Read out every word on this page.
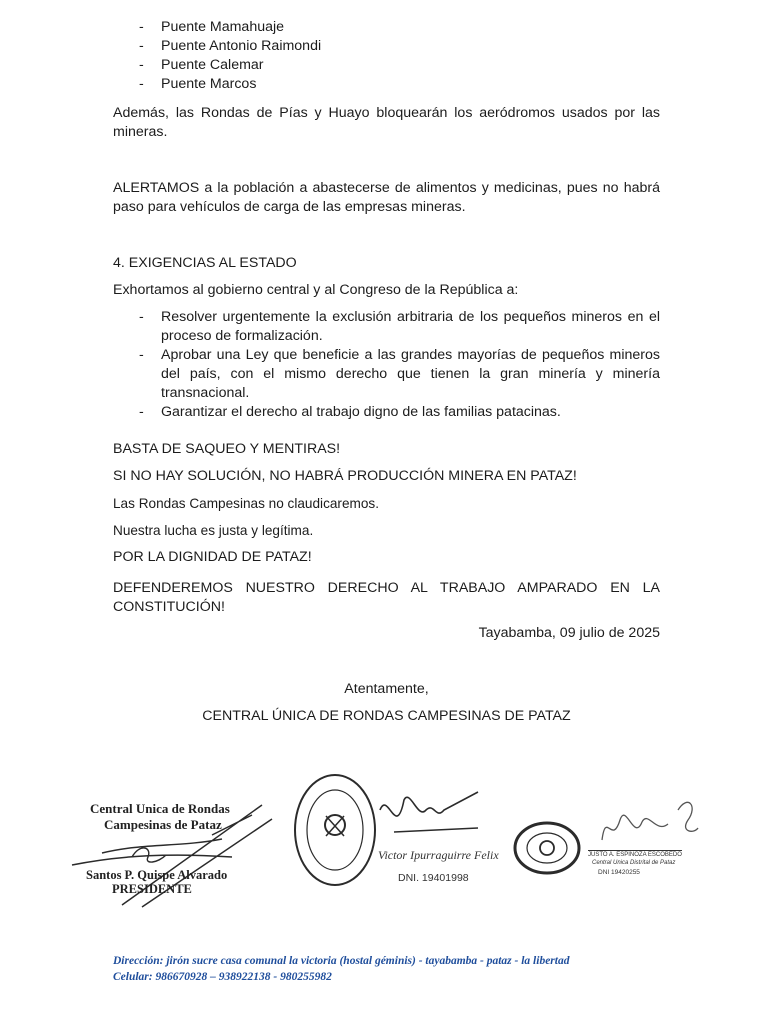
- Puente Mamahuaje
- Puente Antonio Raimondi
- Puente Calemar
- Puente Marcos

Además, las Rondas de Pías y Huayo bloquearán los aeródromos usados por las mineras.

ALERTAMOS a la población a abastecerse de alimentos y medicinas, pues no habrá paso para vehículos de carga de las empresas mineras.

4. EXIGENCIAS AL ESTADO

Exhortamos al gobierno central y al Congreso de la República a:

- Resolver urgentemente la exclusión arbitraria de los pequeños mineros en el proceso de formalización.
- Aprobar una Ley que beneficie a las grandes mayorías de pequeños mineros del país, con el mismo derecho que tienen la gran minería y minería transnacional.
- Garantizar el derecho al trabajo digno de las familias patacinas.

BASTA DE SAQUEO Y MENTIRAS!

SI NO HAY SOLUCIÓN, NO HABRÁ PRODUCCIÓN MINERA EN PATAZ!

Las Rondas Campesinas no claudicaremos.

Nuestra lucha es justa y legítima.

POR LA DIGNIDAD DE PATAZ!

DEFENDEREMOS NUESTRO DERECHO AL TRABAJO AMPARADO EN LA CONSTITUCIÓN!

Tayabamba, 09 julio de 2025

Atentamente,

CENTRAL ÚNICA DE RONDAS CAMPESINAS DE PATAZ

Central Unica de Rondas
Campesinas de Pataz
Santos P. Quispe Alvarado
PRESIDENTE
Victor Ipurraguirre Felix
DNI. 19401998
JUSTO A. ESPINOZA ESCOBEDO
Central Unica Distrital de Pataz
DNI 19420255
Dirección: jirón sucre casa comunal la victoria (hostal géminis) - tayabamba - pataz - la libertad
Celular: 986670928 – 938922138 - 980255982
